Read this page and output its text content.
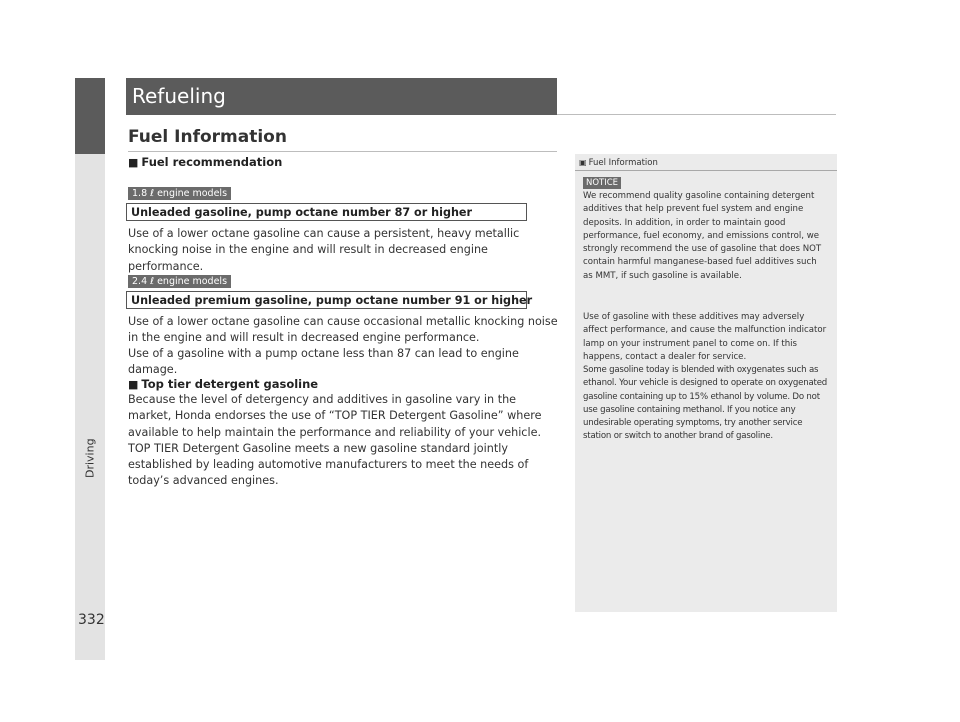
Driving
332
Refueling
Fuel Information
■ Fuel recommendation
1.8 ℓ engine models
Unleaded gasoline, pump octane number 87 or higher

Use of a lower octane gasoline can cause a persistent, heavy metallic knocking noise in the engine and will result in decreased engine performance.

2.4 ℓ engine models
Unleaded premium gasoline, pump octane number 91 or higher

Use of a lower octane gasoline can cause occasional metallic knocking noise in the engine and will result in decreased engine performance.

Use of a gasoline with a pump octane less than 87 can lead to engine damage.

■ Top tier detergent gasoline

Because the level of detergency and additives in gasoline vary in the market, Honda endorses the use of “TOP TIER Detergent Gasoline” where available to help maintain the performance and reliability of your vehicle. TOP TIER Detergent Gasoline meets a new gasoline standard jointly established by leading automotive manufacturers to meet the needs of today’s advanced engines.

▣ Fuel Information
NOTICE

We recommend quality gasoline containing detergent additives that help prevent fuel system and engine deposits. In addition, in order to maintain good performance, fuel economy, and emissions control, we strongly recommend the use of gasoline that does NOT contain harmful manganese-based fuel additives such as MMT, if such gasoline is available.

Use of gasoline with these additives may adversely affect performance, and cause the malfunction indicator lamp on your instrument panel to come on. If this happens, contact a dealer for service.

Some gasoline today is blended with oxygenates such as ethanol. Your vehicle is designed to operate on oxygenated gasoline containing up to 15% ethanol by volume. Do not use gasoline containing methanol. If you notice any undesirable operating symptoms, try another service station or switch to another brand of gasoline.
